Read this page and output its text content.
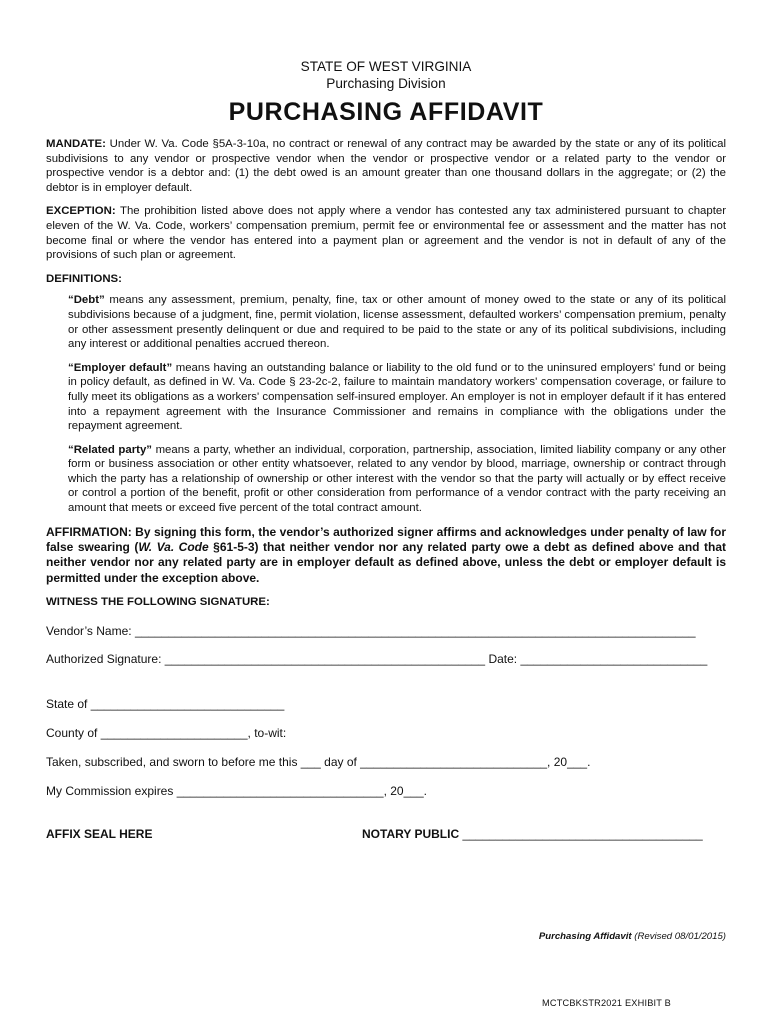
STATE OF WEST VIRGINIA
Purchasing Division
PURCHASING AFFIDAVIT

MANDATE: Under W. Va. Code §5A-3-10a, no contract or renewal of any contract may be awarded by the state or any of its political subdivisions to any vendor or prospective vendor when the vendor or prospective vendor or a related party to the vendor or prospective vendor is a debtor and: (1) the debt owed is an amount greater than one thousand dollars in the aggregate; or (2) the debtor is in employer default.

EXCEPTION: The prohibition listed above does not apply where a vendor has contested any tax administered pursuant to chapter eleven of the W. Va. Code, workers’ compensation premium, permit fee or environmental fee or assessment and the matter has not become final or where the vendor has entered into a payment plan or agreement and the vendor is not in default of any of the provisions of such plan or agreement.

DEFINITIONS:

“Debt” means any assessment, premium, penalty, fine, tax or other amount of money owed to the state or any of its political subdivisions because of a judgment, fine, permit violation, license assessment, defaulted workers’ compensation premium, penalty or other assessment presently delinquent or due and required to be paid to the state or any of its political subdivisions, including any interest or additional penalties accrued thereon.

“Employer default” means having an outstanding balance or liability to the old fund or to the uninsured employers' fund or being in policy default, as defined in W. Va. Code § 23-2c-2, failure to maintain mandatory workers' compensation coverage, or failure to fully meet its obligations as a workers' compensation self-insured employer. An employer is not in employer default if it has entered into a repayment agreement with the Insurance Commissioner and remains in compliance with the obligations under the repayment agreement.

“Related party” means a party, whether an individual, corporation, partnership, association, limited liability company or any other form or business association or other entity whatsoever, related to any vendor by blood, marriage, ownership or contract through which the party has a relationship of ownership or other interest with the vendor so that the party will actually or by effect receive or control a portion of the benefit, profit or other consideration from performance of a vendor contract with the party receiving an amount that meets or exceed five percent of the total contract amount.

AFFIRMATION: By signing this form, the vendor’s authorized signer affirms and acknowledges under penalty of law for false swearing (W. Va. Code §61-5-3) that neither vendor nor any related party owe a debt as defined above and that neither vendor nor any related party are in employer default as defined above, unless the debt or employer default is permitted under the exception above.

WITNESS THE FOLLOWING SIGNATURE:
Vendor’s Name: ____________________________________________________________________________________
Authorized Signature: ________________________________________________ Date: ____________________________
State of _____________________________
County of ______________________, to-wit:
Taken, subscribed, and sworn to before me this ___ day of ____________________________, 20___.
My Commission expires _______________________________, 20___.
AFFIX SEAL HERE	NOTARY PUBLIC ____________________________________
Purchasing Affidavit (Revised 08/01/2015)
MCTCBKSTR2021 EXHIBIT B
